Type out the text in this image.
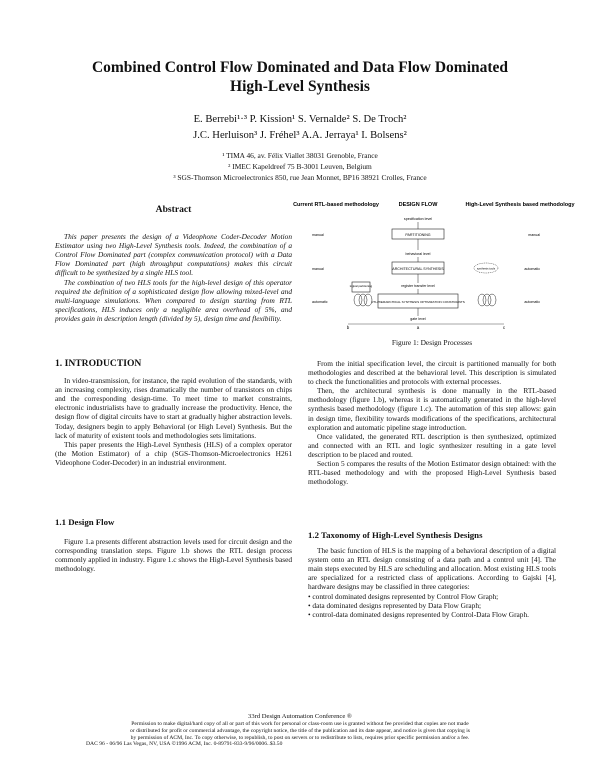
Combined Control Flow Dominated and Data Flow Dominated
High-Level Synthesis
E. Berrebi¹·³ P. Kission¹ S. Vernalde² S. De Troch²
J.C. Herluison³ J. Fréhel³ A.A. Jerraya¹ I. Bolsens²
¹ TIMA 46, av. Félix Viallet 38031 Grenoble, France
² IMEC Kapeldreef 75 B-3001 Leuven, Belgium
³ SGS-Thomson Microelectronics 850, rue Jean Monnet, BP16 38921 Crolles, France
Abstract

This paper presents the design of a Videophone Coder-Decoder Motion Estimator using two High-Level Synthesis tools. Indeed, the combination of a Control Flow Dominated part (complex communication protocol) with a Data Flow Dominated part (high throughput computations) makes this circuit difficult to be synthesized by a single HLS tool.

The combination of two HLS tools for the high-level design of this operator required the definition of a sophisticated design flow allowing mixed-level and multi-language simulations. When compared to design starting from RTL specifications, HLS induces only a negligible area overhead of 5%, and provides gain in description length (divided by 5), design time and flexibility.

1. INTRODUCTION

In video-transmission, for instance, the rapid evolution of the standards, with an increasing complexity, rises dramatically the number of transistors on chips and the corresponding design-time. To meet time to market constraints, electronic industrialists have to gradually increase the productivity. Hence, the design flow of digital circuits have to start at gradually higher abstraction levels. Today, designers begin to apply Behavioral (or High Level) Synthesis. But the lack of maturity of existent tools and methodologies sets limitations.

This paper presents the High-Level Synthesis (HLS) of a complex operator (the Motion Estimator) of a chip (SGS-Thomson-Microelectronics H261 Videophone Coder-Decoder) in an industrial environment.

1.1 Design Flow

Figure 1.a presents different abstraction levels used for circuit design and the corresponding translation steps. Figure 1.b shows the RTL design process commonly applied in industry. Figure 1.c shows the High-Level Synthesis based methodology.

Current RTL-based methodology	DESIGN FLOW	High-Level Synthesis based methodology
specification level
PARTITIONING
behavioral level
ARCHITECTURAL SYNTHESIS
register transfer level
RTL/HIERARCHICAL SYNTHESIS OPTIMIZATION CONSTRAINTS
gate level
manual
manual
automatic
logical partitioning
manual
automatic
automatic
synthesis tools
b	a	c
Figure 1: Design Processes

From the initial specification level, the circuit is partitioned manually for both methodologies and described at the behavioral level. This description is simulated to check the functionalities and protocols with external processes.

Then, the architectural synthesis is done manually in the RTL-based methodology (figure 1.b), whereas it is automatically generated in the high-level synthesis based methodology (figure 1.c). The automation of this step allows: gain in design time, flexibility towards modifications of the specifications, architectural exploration and automatic pipeline stage introduction.

Once validated, the generated RTL description is then synthesized, optimized and connected with an RTL and logic synthesizer resulting in a gate level description to be placed and routed.

Section 5 compares the results of the Motion Estimator design obtained: with the RTL-based methodology and with the proposed High-Level Synthesis based methodology.

1.2 Taxonomy of High-Level Synthesis Designs

The basic function of HLS is the mapping of a behavioral description of a digital system onto an RTL design consisting of a data path and a control unit [4]. The main steps executed by HLS are scheduling and allocation. Most existing HLS tools are specialized for a restricted class of applications. According to Gajski [4], hardware designs may be classified in three categories:

• control dominated designs represented by Control Flow Graph;

• data dominated designs represented by Data Flow Graph;

• control-data dominated designs represented by Control-Data Flow Graph.

33rd Design Automation Conference ®
Permission to make digital/hard copy of all or part of this work for personal or class-room use is granted without fee provided that copies are not made
or distributed for profit or commercial advantage, the copyright notice, the title of the publication and its date appear, and notice is given that copying is
by permission of ACM, Inc. To copy otherwise, to republish, to post on servers or to redistribute to lists, requires prior specific permission and/or a fee.
DAC 96 - 06/96 Las Vegas, NV, USA ©1996 ACM, Inc. 0-89791-833-9/96/0006..$3.50
